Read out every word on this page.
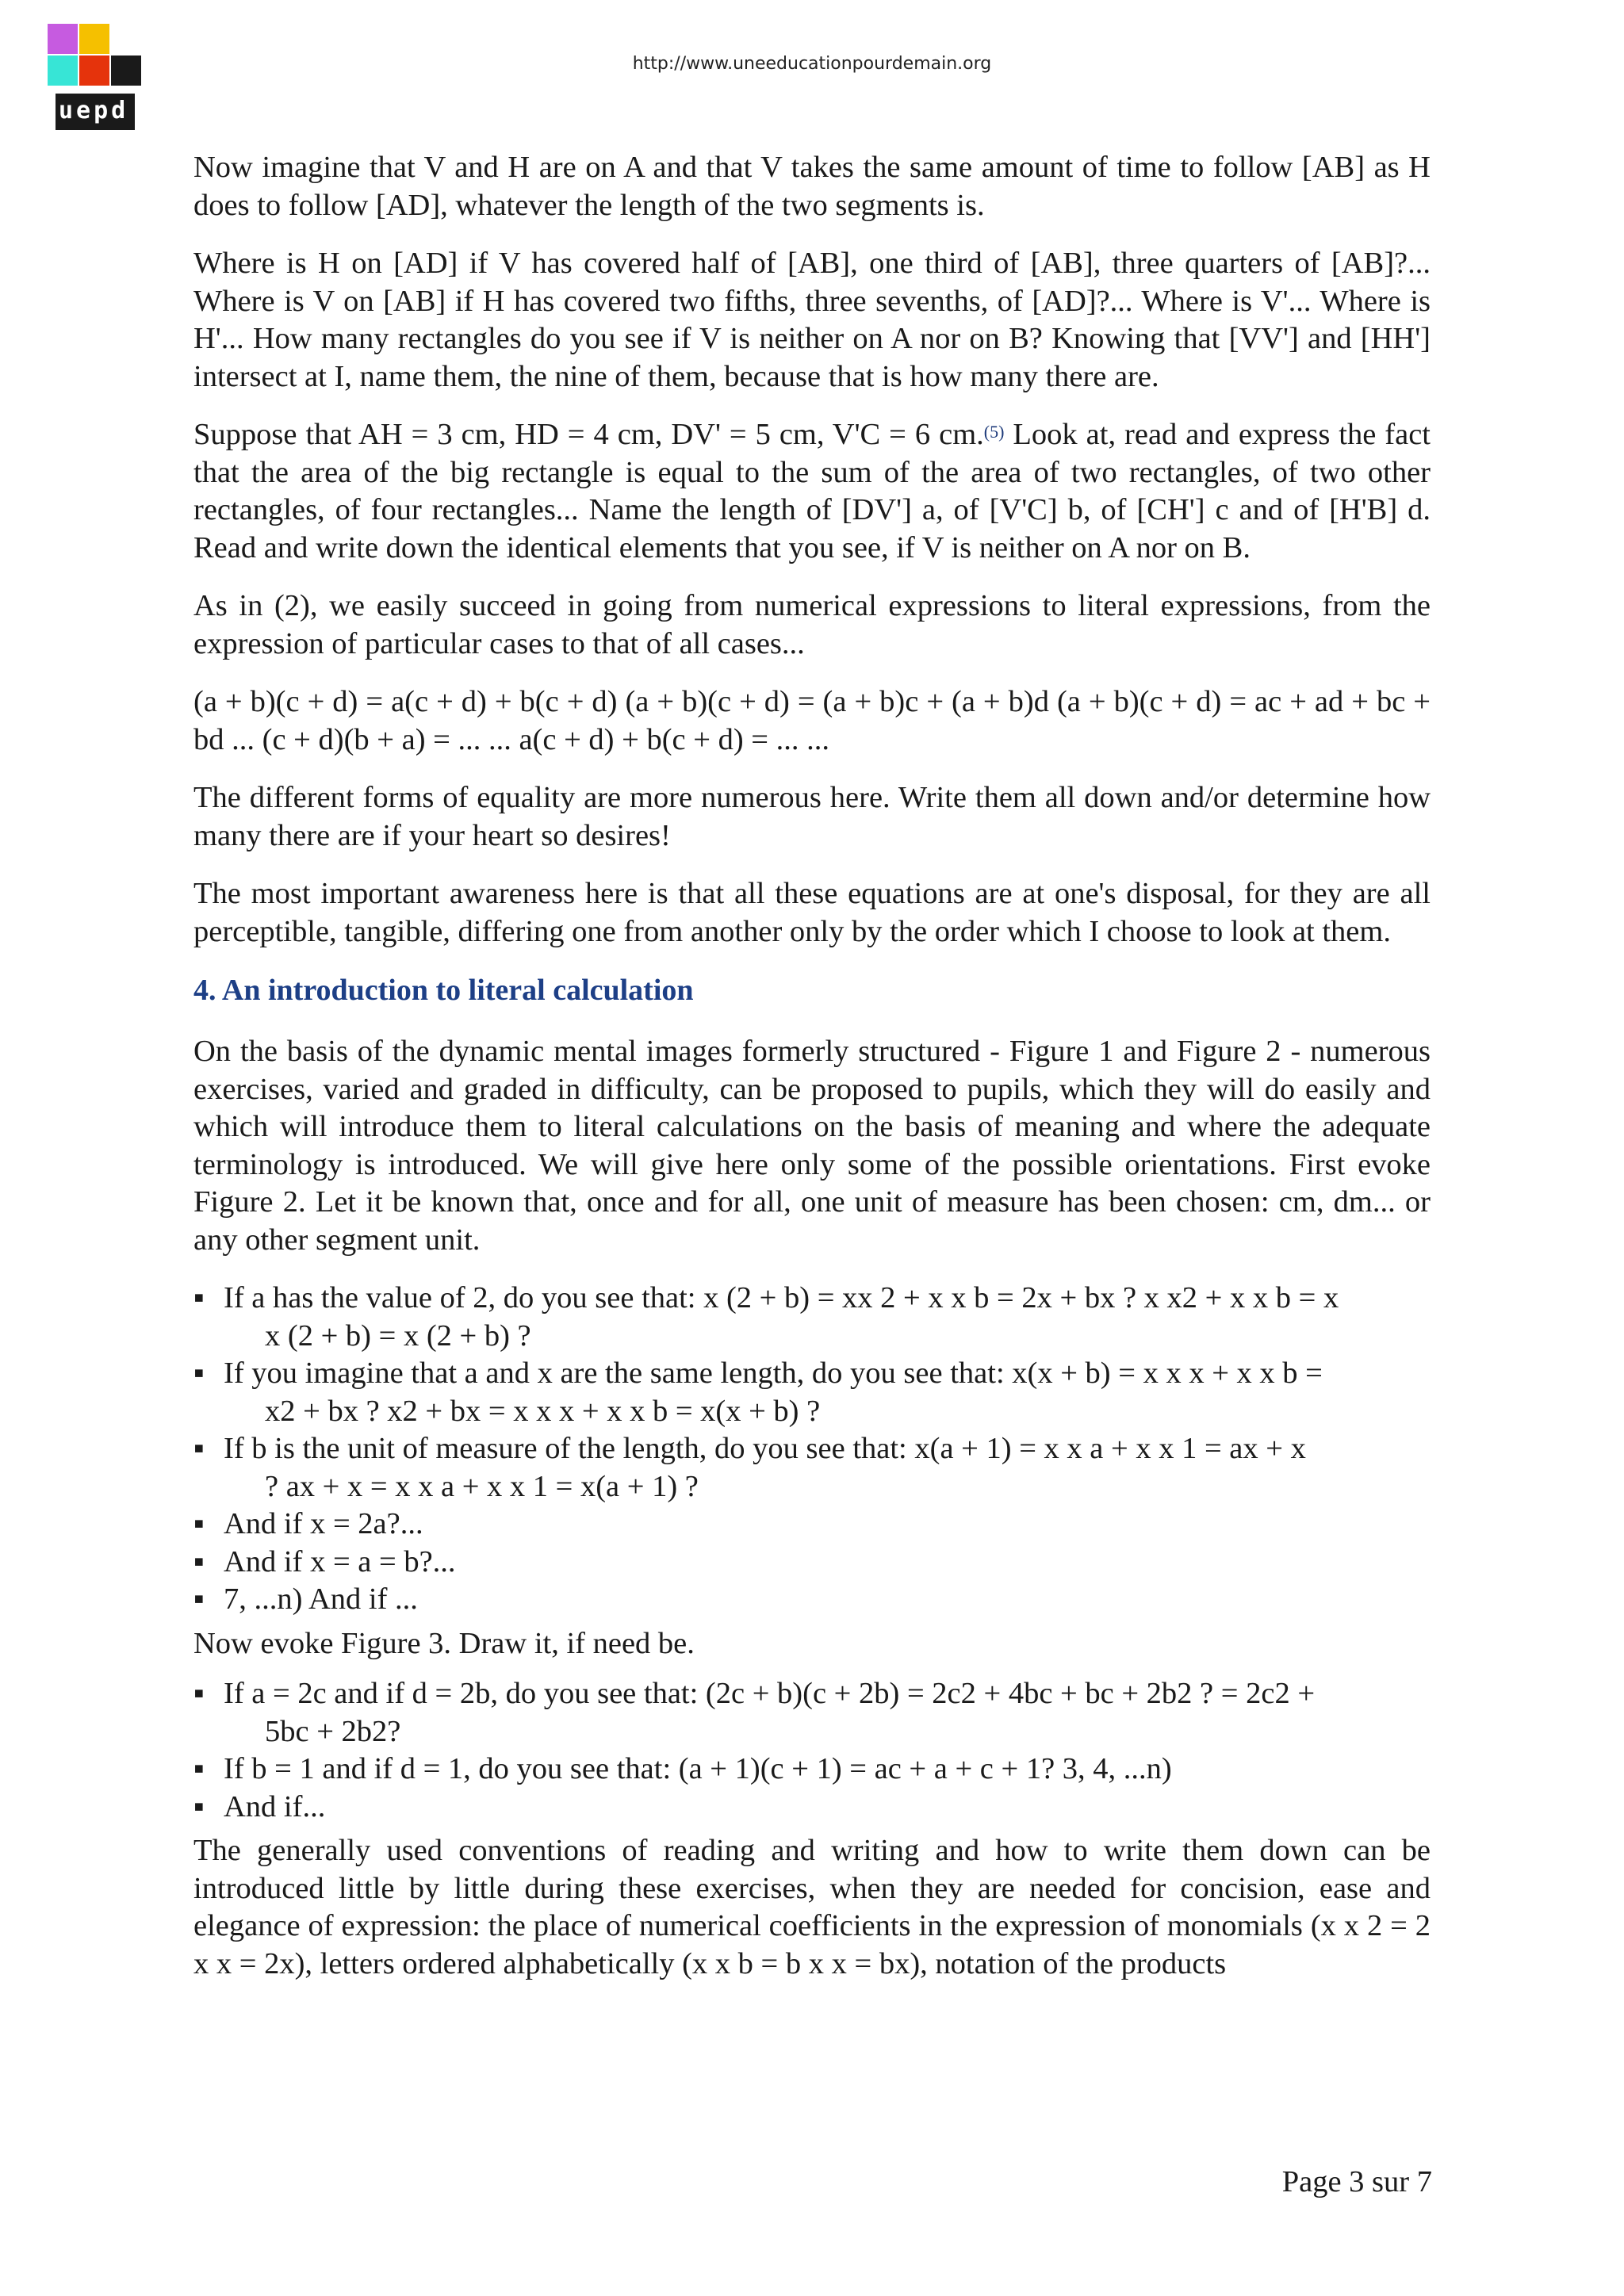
uepd
http://www.uneeducationpourdemain.org

Now imagine that V and H are on A and that V takes the same amount of time to follow [AB] as H does to follow [AD], whatever the length of the two segments is.

Where is H on [AD] if V has covered half of [AB], one third of [AB], three quarters of [AB]?... Where is V on [AB] if H has covered two fifths, three sevenths, of [AD]?... Where is V'... Where is H'... How many rectangles do you see if V is neither on A nor on B? Knowing that [VV'] and [HH'] intersect at I, name them, the nine of them, because that is how many there are.

Suppose that AH = 3 cm, HD = 4 cm, DV' = 5 cm, V'C = 6 cm.$^{(5)}$ Look at, read and express the fact that the area of the big rectangle is equal to the sum of the area of two rectangles, of two other rectangles, of four rectangles... Name the length of [DV'] a, of [V'C] b, of [CH'] c and of [H'B] d. Read and write down the identical elements that you see, if V is neither on A nor on B.

As in (2), we easily succeed in going from numerical expressions to literal expressions, from the expression of particular cases to that of all cases...

(a + b)(c + d) = a(c + d) + b(c + d) (a + b)(c + d) = (a + b)c + (a + b)d (a + b)(c + d) = ac + ad + bc + bd ... (c + d)(b + a) = ... ... a(c + d) + b(c + d) = ... ...

The different forms of equality are more numerous here. Write them all down and/or determine how many there are if your heart so desires!

The most important awareness here is that all these equations are at one's disposal, for they are all perceptible, tangible, differing one from another only by the order which I choose to look at them.

4. An introduction to literal calculation

On the basis of the dynamic mental images formerly structured - Figure 1 and Figure 2 - numerous exercises, varied and graded in difficulty, can be proposed to pupils, which they will do easily and which will introduce them to literal calculations on the basis of meaning and where the adequate terminology is introduced. We will give here only some of the possible orientations. First evoke Figure 2. Let it be known that, once and for all, one unit of measure has been chosen: cm, dm... or any other segment unit.

▪ If a has the value of 2, do you see that: x (2 + b) = xx 2 + x x b = 2x + bx ? x x2 + x x b = x
x (2 + b) = x (2 + b) ?
▪ If you imagine that a and x are the same length, do you see that: x(x + b) = x x x + x x b =
x2 + bx ? x2 + bx = x x x + x x b = x(x + b) ?
▪ If b is the unit of measure of the length, do you see that: x(a + 1) = x x a + x x 1 = ax + x
? ax + x = x x a + x x 1 = x(a + 1) ?
▪ And if x = 2a?...
▪ And if x = a = b?...
▪ 7, ...n) And if ...

Now evoke Figure 3. Draw it, if need be.

▪ If a = 2c and if d = 2b, do you see that: (2c + b)(c + 2b) = 2c2 + 4bc + bc + 2b2 ? = 2c2 +
5bc + 2b2?
▪ If b = 1 and if d = 1, do you see that: (a + 1)(c + 1) = ac + a + c + 1? 3, 4, ...n)
▪ And if...

The generally used conventions of reading and writing and how to write them down can be introduced little by little during these exercises, when they are needed for concision, ease and elegance of expression: the place of numerical coefficients in the expression of monomials (x x 2 = 2 x x = 2x), letters ordered alphabetically (x x b = b x x = bx), notation of the products

Page 3 sur 7
